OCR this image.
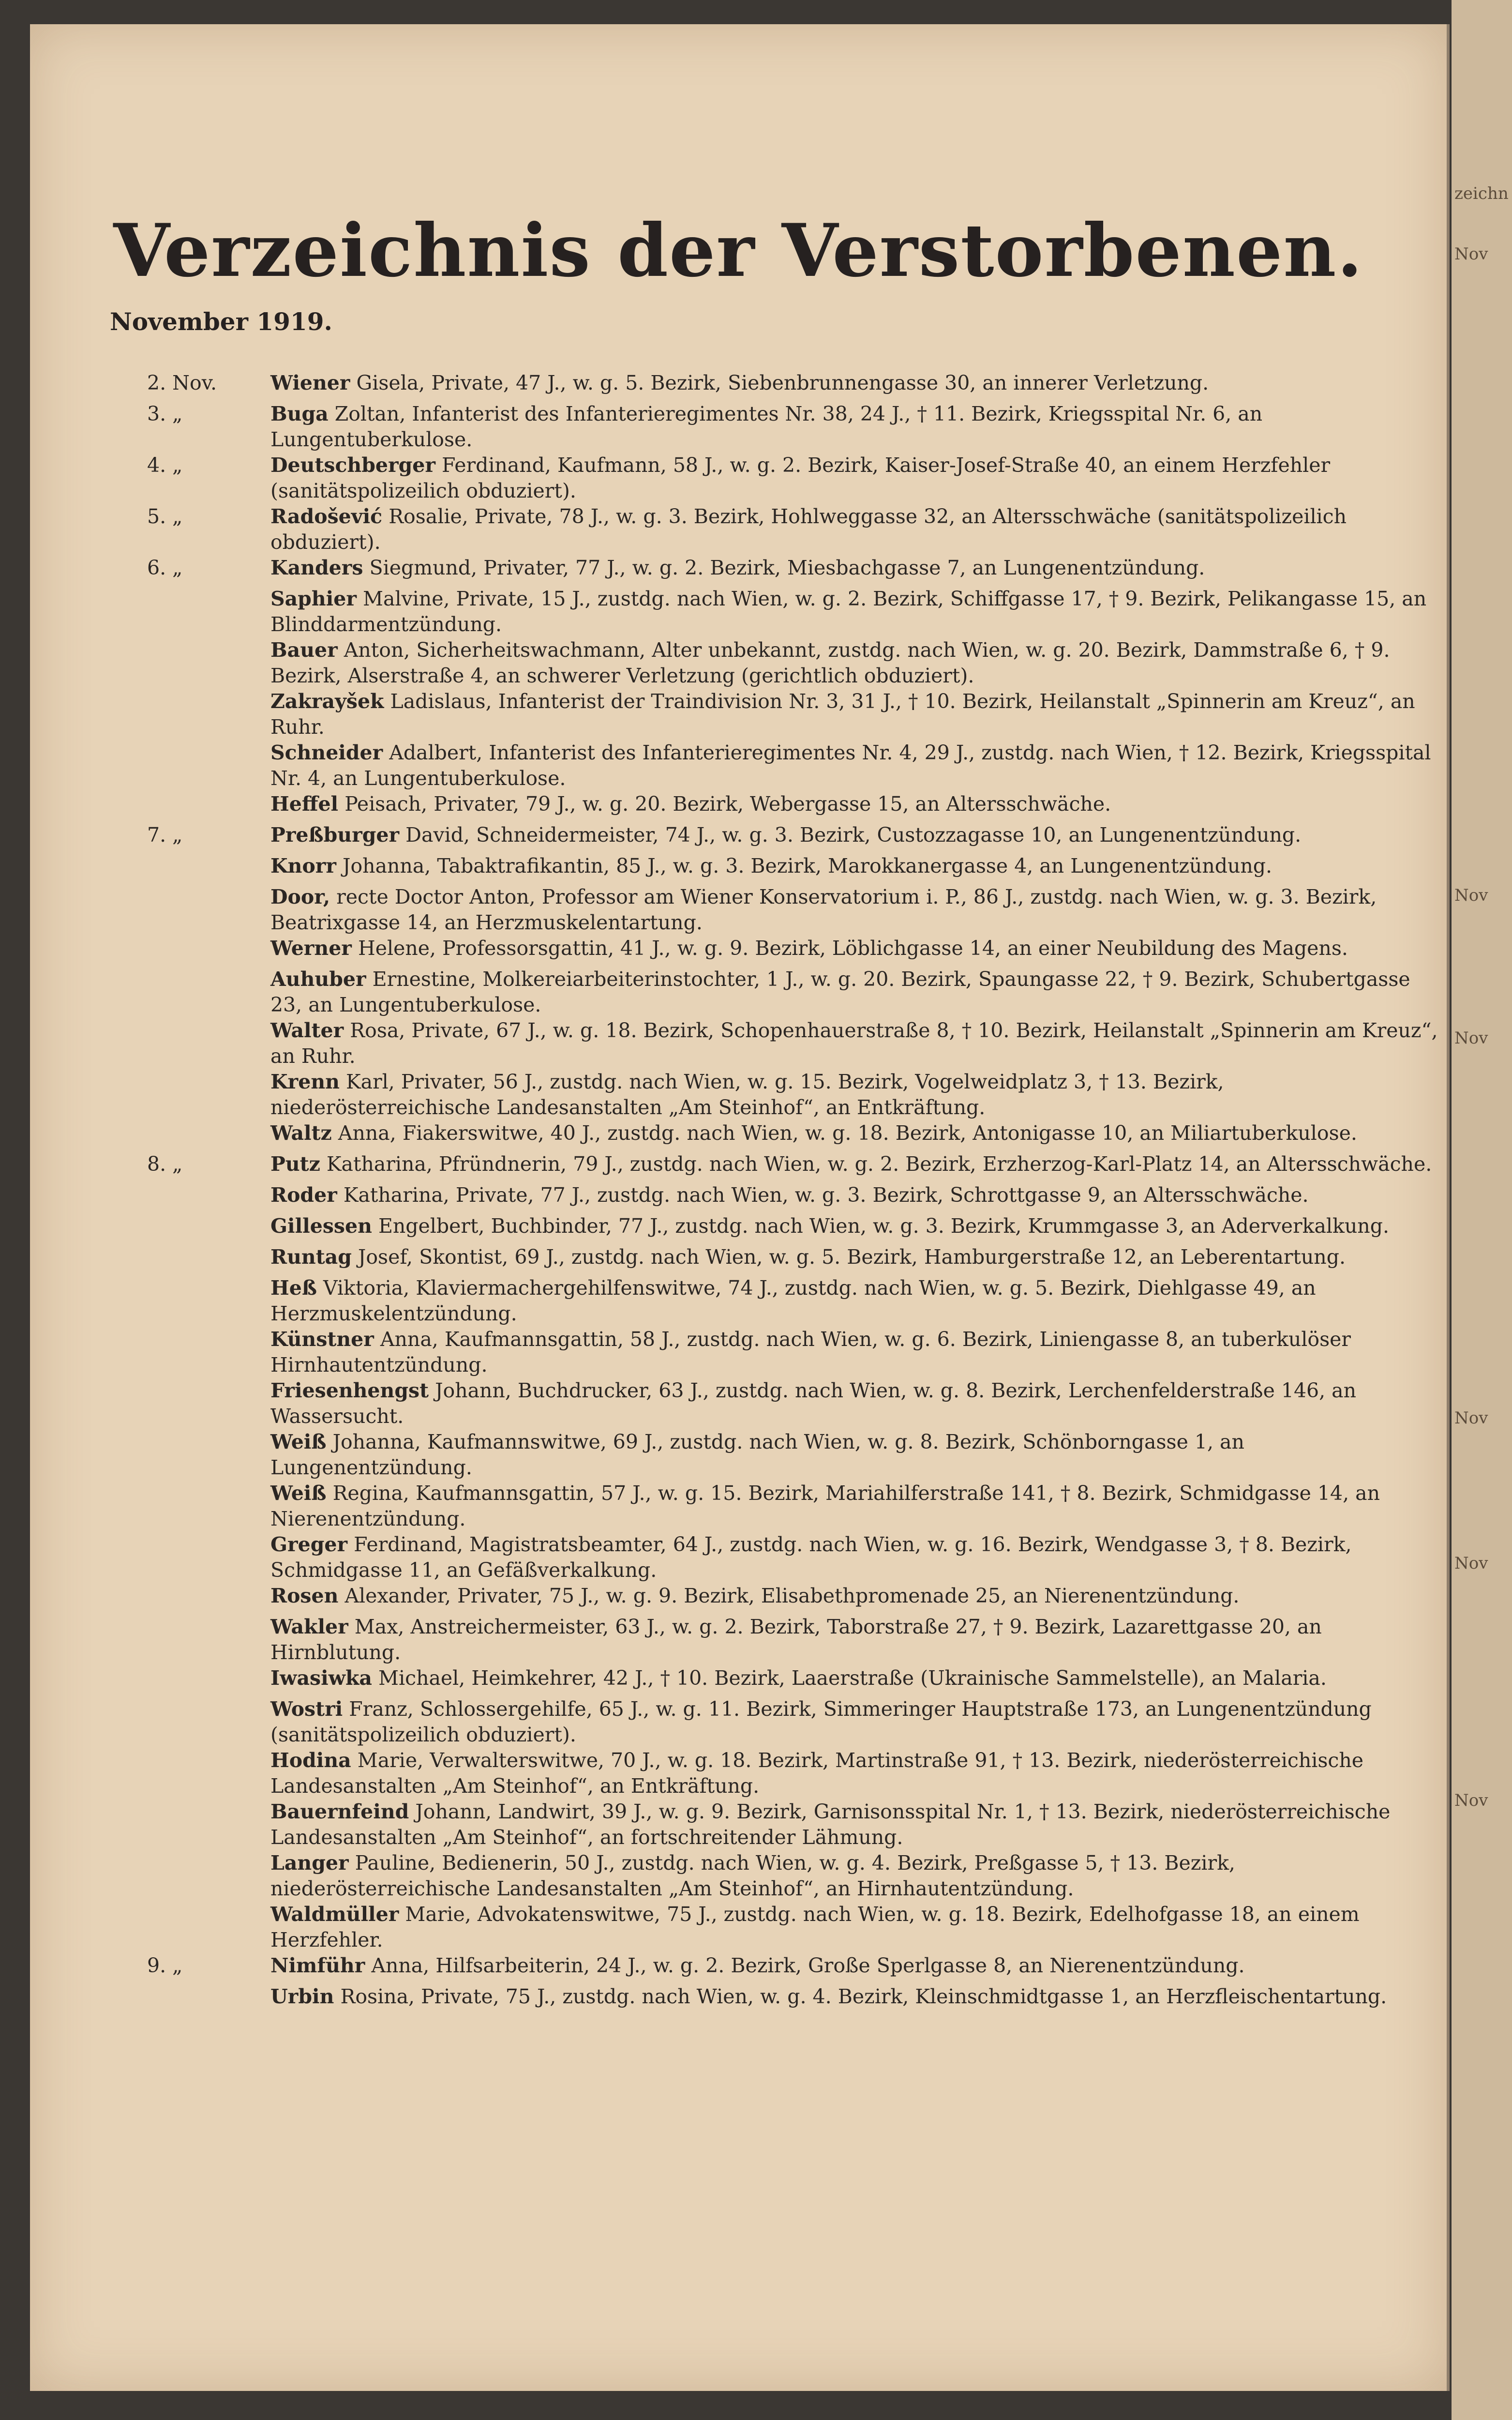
Verzeichnis der Verstorbenen.
November 1919.
2. Nov.	Wiener Gisela, Private, 47 J., w. g. 5. Bezirk, Siebenbrunnengasse 30, an innerer Verletzung.
3. „	Buga Zoltan, Infanterist des Infanterieregimentes Nr. 38, 24 J., † 11. Bezirk, Kriegsspital Nr. 6, an Lungentuberkulose.
4. „	Deutschberger Ferdinand, Kaufmann, 58 J., w. g. 2. Bezirk, Kaiser-Josef-Straße 40, an einem Herzfehler (sanitätspolizeilich obduziert).
5. „	Radošević Rosalie, Private, 78 J., w. g. 3. Bezirk, Hohlweggasse 32, an Altersschwäche (sanitätspolizeilich obduziert).
6. „	Kanders Siegmund, Privater, 77 J., w. g. 2. Bezirk, Miesbachgasse 7, an Lungenentzündung.
Saphier Malvine, Private, 15 J., zustdg. nach Wien, w. g. 2. Bezirk, Schiffgasse 17, † 9. Bezirk, Pelikangasse 15, an Blinddarmentzündung.
Bauer Anton, Sicherheitswachmann, Alter unbekannt, zustdg. nach Wien, w. g. 20. Bezirk, Dammstraße 6, † 9. Bezirk, Alserstraße 4, an schwerer Verletzung (gerichtlich obduziert).
Zakrayšek Ladislaus, Infanterist der Traindivision Nr. 3, 31 J., † 10. Bezirk, Heilanstalt „Spinnerin am Kreuz“, an Ruhr.
Schneider Adalbert, Infanterist des Infanterieregimentes Nr. 4, 29 J., zustdg. nach Wien, † 12. Bezirk, Kriegsspital Nr. 4, an Lungentuberkulose.
Heffel Peisach, Privater, 79 J., w. g. 20. Bezirk, Webergasse 15, an Altersschwäche.
7. „	Preßburger David, Schneidermeister, 74 J., w. g. 3. Bezirk, Custozzagasse 10, an Lungenentzündung.
Knorr Johanna, Tabaktrafikantin, 85 J., w. g. 3. Bezirk, Marokkanergasse 4, an Lungenentzündung.
Door, recte Doctor Anton, Professor am Wiener Konservatorium i. P., 86 J., zustdg. nach Wien, w. g. 3. Bezirk, Beatrixgasse 14, an Herzmuskelentartung.
Werner Helene, Professorsgattin, 41 J., w. g. 9. Bezirk, Löblichgasse 14, an einer Neubildung des Magens.
Auhuber Ernestine, Molkereiarbeiterinstochter, 1 J., w. g. 20. Bezirk, Spaungasse 22, † 9. Bezirk, Schubertgasse 23, an Lungentuberkulose.
Walter Rosa, Private, 67 J., w. g. 18. Bezirk, Schopenhauerstraße 8, † 10. Bezirk, Heilanstalt „Spinnerin am Kreuz“, an Ruhr.
Krenn Karl, Privater, 56 J., zustdg. nach Wien, w. g. 15. Bezirk, Vogelweidplatz 3, † 13. Bezirk, niederösterreichische Landesanstalten „Am Steinhof“, an Entkräftung.
Waltz Anna, Fiakerswitwe, 40 J., zustdg. nach Wien, w. g. 18. Bezirk, Antonigasse 10, an Miliartuberkulose.
8. „	Putz Katharina, Pfründnerin, 79 J., zustdg. nach Wien, w. g. 2. Bezirk, Erzherzog-Karl-Platz 14, an Altersschwäche.
Roder Katharina, Private, 77 J., zustdg. nach Wien, w. g. 3. Bezirk, Schrottgasse 9, an Altersschwäche.
Gillessen Engelbert, Buchbinder, 77 J., zustdg. nach Wien, w. g. 3. Bezirk, Krummgasse 3, an Aderverkalkung.
Runtag Josef, Skontist, 69 J., zustdg. nach Wien, w. g. 5. Bezirk, Hamburgerstraße 12, an Leberentartung.
Heß Viktoria, Klaviermachergehilfenswitwe, 74 J., zustdg. nach Wien, w. g. 5. Bezirk, Diehlgasse 49, an Herzmuskelentzündung.
Künstner Anna, Kaufmannsgattin, 58 J., zustdg. nach Wien, w. g. 6. Bezirk, Liniengasse 8, an tuberkulöser Hirnhautentzündung.
Friesenhengst Johann, Buchdrucker, 63 J., zustdg. nach Wien, w. g. 8. Bezirk, Lerchenfelderstraße 146, an Wassersucht.
Weiß Johanna, Kaufmannswitwe, 69 J., zustdg. nach Wien, w. g. 8. Bezirk, Schönborngasse 1, an Lungenentzündung.
Weiß Regina, Kaufmannsgattin, 57 J., w. g. 15. Bezirk, Mariahilferstraße 141, † 8. Bezirk, Schmidgasse 14, an Nierenentzündung.
Greger Ferdinand, Magistratsbeamter, 64 J., zustdg. nach Wien, w. g. 16. Bezirk, Wendgasse 3, † 8. Bezirk, Schmidgasse 11, an Gefäßverkalkung.
Rosen Alexander, Privater, 75 J., w. g. 9. Bezirk, Elisabethpromenade 25, an Nierenentzündung.
Wakler Max, Anstreichermeister, 63 J., w. g. 2. Bezirk, Taborstraße 27, † 9. Bezirk, Lazarettgasse 20, an Hirnblutung.
Iwasiwka Michael, Heimkehrer, 42 J., † 10. Bezirk, Laaerstraße (Ukrainische Sammelstelle), an Malaria.
Wostri Franz, Schlossergehilfe, 65 J., w. g. 11. Bezirk, Simmeringer Hauptstraße 173, an Lungenentzündung (sanitätspolizeilich obduziert).
Hodina Marie, Verwalterswitwe, 70 J., w. g. 18. Bezirk, Martinstraße 91, † 13. Bezirk, niederösterreichische Landesanstalten „Am Steinhof“, an Entkräftung.
Bauernfeind Johann, Landwirt, 39 J., w. g. 9. Bezirk, Garnisonsspital Nr. 1, † 13. Bezirk, niederösterreichische Landesanstalten „Am Steinhof“, an fortschreitender Lähmung.
Langer Pauline, Bedienerin, 50 J., zustdg. nach Wien, w. g. 4. Bezirk, Preßgasse 5, † 13. Bezirk, niederösterreichische Landesanstalten „Am Steinhof“, an Hirnhautentzündung.
Waldmüller Marie, Advokatenswitwe, 75 J., zustdg. nach Wien, w. g. 18. Bezirk, Edelhofgasse 18, an einem Herzfehler.
9. „	Nimführ Anna, Hilfsarbeiterin, 24 J., w. g. 2. Bezirk, Große Sperlgasse 8, an Nierenentzündung.
Urbin Rosina, Private, 75 J., zustdg. nach Wien, w. g. 4. Bezirk, Kleinschmidtgasse 1, an Herzfleischentartung.
zeichn
Nov
Nov
Nov
Nov
Nov
Nov
